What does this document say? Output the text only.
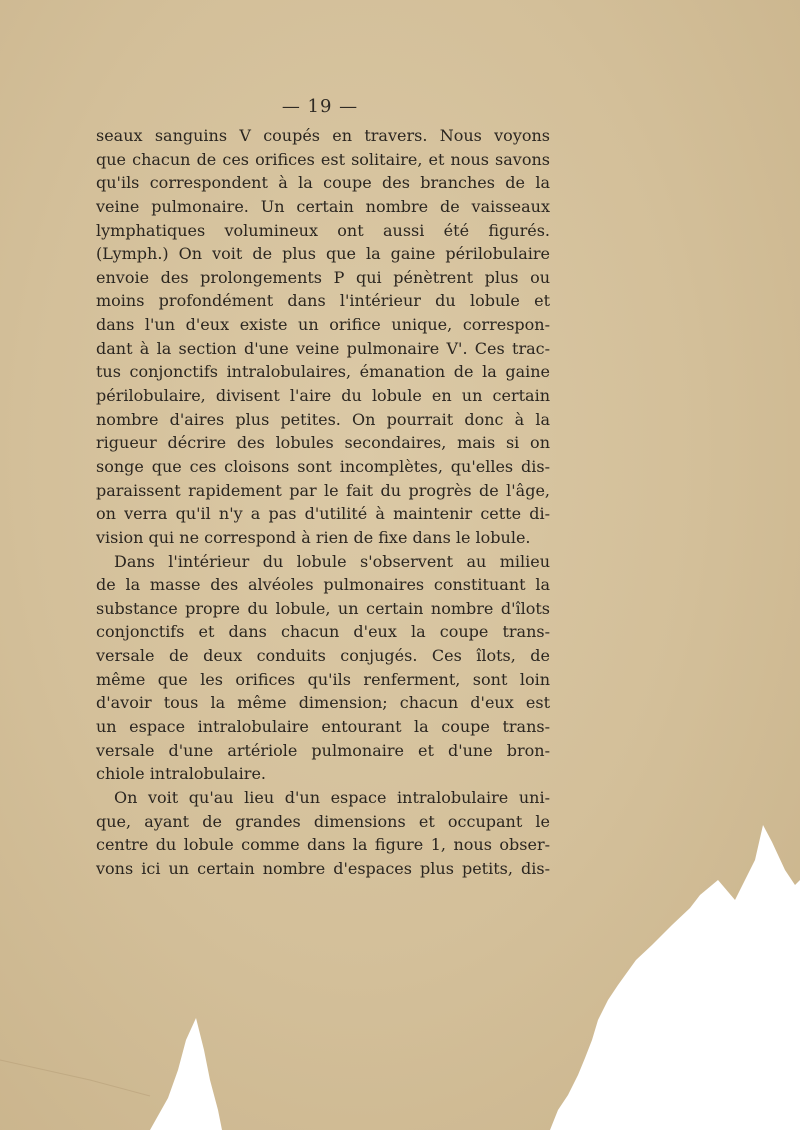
— 19 —
seaux sanguins V coupés en travers. Nous voyons
que chacun de ces orifices est solitaire, et nous savons
qu'ils correspondent à la coupe des branches de la
veine pulmonaire. Un certain nombre de vaisseaux
lymphatiques volumineux ont aussi été figurés.
(Lymph.) On voit de plus que la gaine périlobulaire
envoie des prolongements P qui pénètrent plus ou
moins profondément dans l'intérieur du lobule et
dans l'un d'eux existe un orifice unique, correspon-
dant à la section d'une veine pulmonaire V'. Ces trac-
tus conjonctifs intralobulaires, émanation de la gaine
périlobulaire, divisent l'aire du lobule en un certain
nombre d'aires plus petites. On pourrait donc à la
rigueur décrire des lobules secondaires, mais si on
songe que ces cloisons sont incomplètes, qu'elles dis-
paraissent rapidement par le fait du progrès de l'âge,
on verra qu'il n'y a pas d'utilité à maintenir cette di-
vision qui ne correspond à rien de fixe dans le lobule.
Dans l'intérieur du lobule s'observent au milieu
de la masse des alvéoles pulmonaires constituant la
substance propre du lobule, un certain nombre d'îlots
conjonctifs et dans chacun d'eux la coupe trans-
versale de deux conduits conjugés. Ces îlots, de
même que les orifices qu'ils renferment, sont loin
d'avoir tous la même dimension; chacun d'eux est
un espace intralobulaire entourant la coupe trans-
versale d'une artériole pulmonaire et d'une bron-
chiole intralobulaire.
On voit qu'au lieu d'un espace intralobulaire uni-
que, ayant de grandes dimensions et occupant le
centre du lobule comme dans la figure 1, nous obser-
vons ici un certain nombre d'espaces plus petits, dis-
